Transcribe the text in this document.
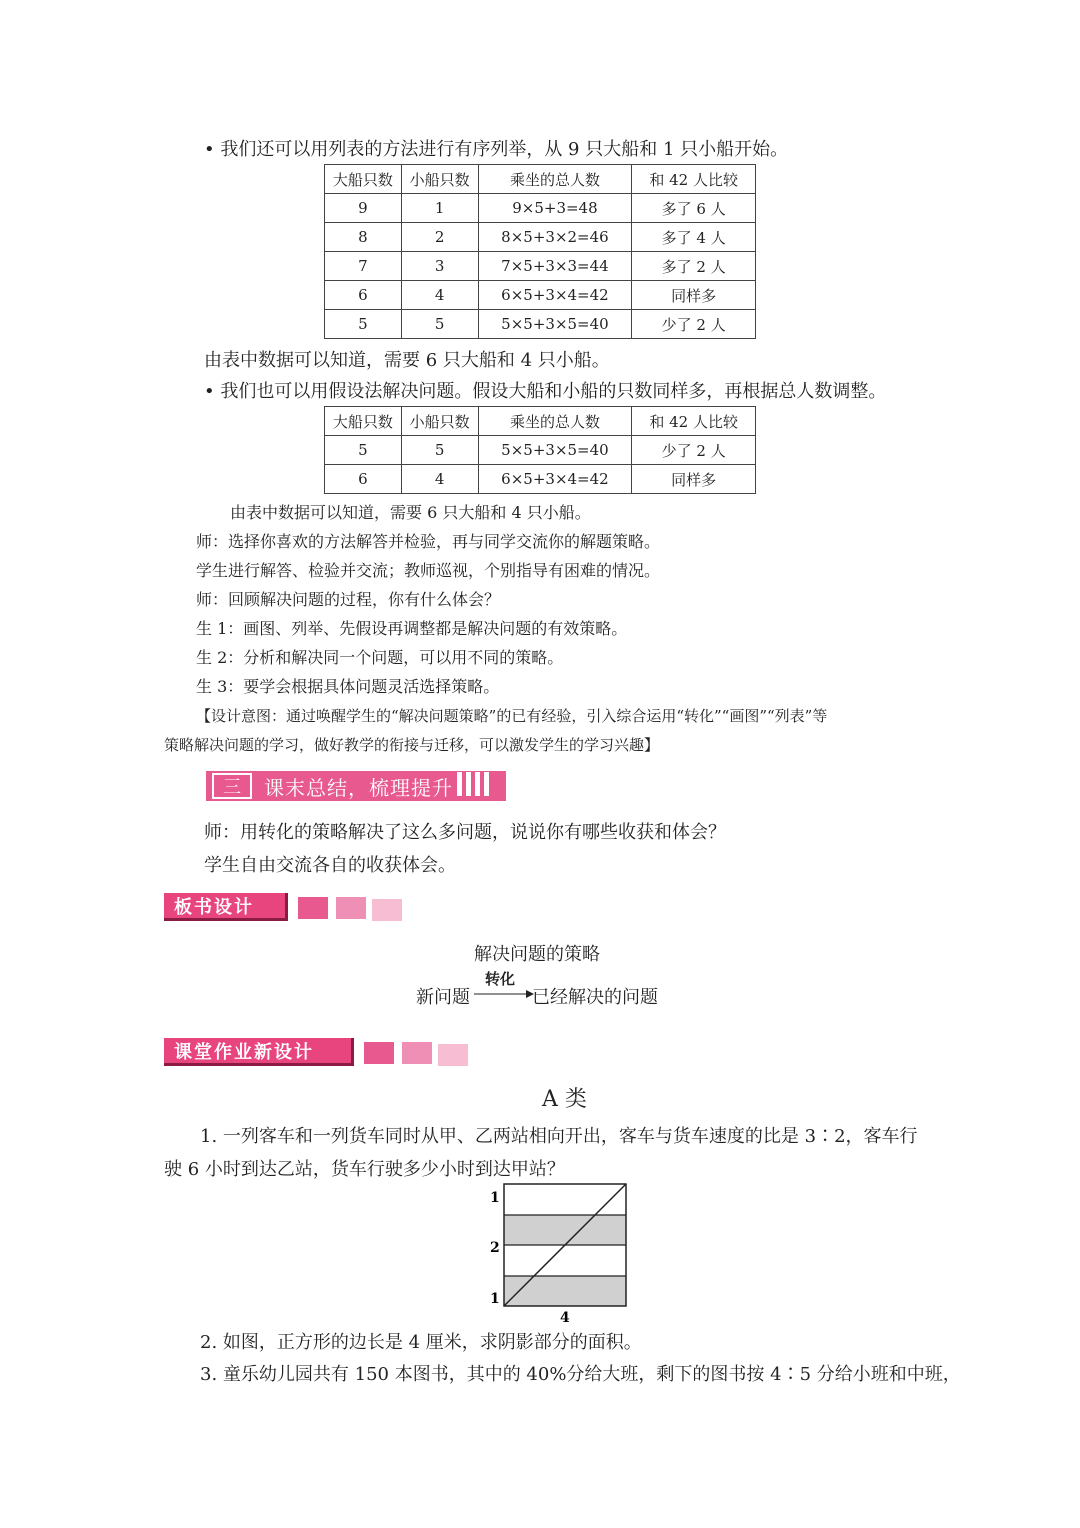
• 我们还可以用列表的方法进行有序列举，从 9 只大船和 1 只小船开始。
大船只数	小船只数	乘坐的总人数	和 42 人比较
9	1	9×5+3=48	多了 6 人
8	2	8×5+3×2=46	多了 4 人
7	3	7×5+3×3=44	多了 2 人
6	4	6×5+3×4=42	同样多
5	5	5×5+3×5=40	少了 2 人
由表中数据可以知道，需要 6 只大船和 4 只小船。
• 我们也可以用假设法解决问题。假设大船和小船的只数同样多，再根据总人数调整。
大船只数	小船只数	乘坐的总人数	和 42 人比较
5	5	5×5+3×5=40	少了 2 人
6	4	6×5+3×4=42	同样多
由表中数据可以知道，需要 6 只大船和 4 只小船。
师：选择你喜欢的方法解答并检验，再与同学交流你的解题策略。
学生进行解答、检验并交流；教师巡视，个别指导有困难的情况。
师：回顾解决问题的过程，你有什么体会？
生 1：画图、列举、先假设再调整都是解决问题的有效策略。
生 2：分析和解决同一个问题，可以用不同的策略。
生 3：要学会根据具体问题灵活选择策略。
【设计意图：通过唤醒学生的“解决问题策略”的已有经验，引入综合运用“转化”“画图”“列表”等
策略解决问题的学习，做好教学的衔接与迁移，可以激发学生的学习兴趣】
三	课末总结，梳理提升
师：用转化的策略解决了这么多问题，说说你有哪些收获和体会？
学生自由交流各自的收获体会。
板书设计
解决问题的策略
转化
新问题	已经解决的问题
课堂作业新设计
A 类
1. 一列客车和一列货车同时从甲、乙两站相向开出，客车与货车速度的比是 3∶2，客车行
驶 6 小时到达乙站，货车行驶多少小时到达甲站？
1
2
1
4
2. 如图，正方形的边长是 4 厘米，求阴影部分的面积。
3. 童乐幼儿园共有 150 本图书，其中的 40%分给大班，剩下的图书按 4∶5 分给小班和中班，
